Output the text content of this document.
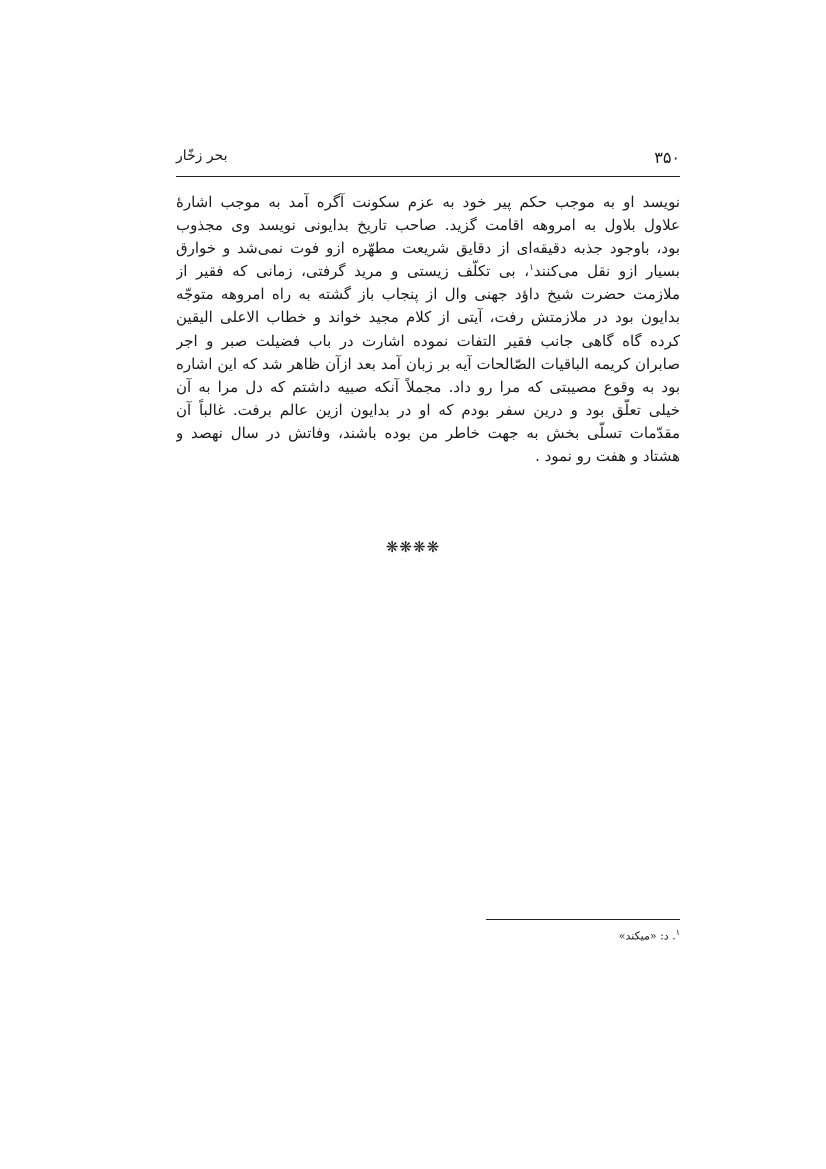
۳۵۰
بحر زخّار
نویسد او به موجب حکم پیر خود به عزم سکونت آگره آمد به موجب اشارهٔ
علاول بلاول به امروهه اقامت گزید. صاحب تاریخ بدایونی نویسد وی مجذوب
بود، باوجود جذبه دقیقه‌ای از دقایق شریعت مطهّره ازو فوت نمی‌شد و خوارق
بسیار ازو نقل می‌کنند$^۱$، بی تکلّف زیستی و مرید گرفتی، زمانی که فقیر از
ملازمت حضرت شیخ داؤد جهنی وال از پنجاب باز گشته به راه امروهه متوجّه
بدایون بود در ملازمتش رفت، آیتی از کلام مجید خواند و خطاب الاعلی الیقین
کرده گاه گاهی جانب فقیر التفات نموده اشارت در باب فضیلت صبر و اجر
صابران کریمه الباقیات الصّالحات آیه بر زبان آمد بعد ازآن ظاهر شد که این اشاره
بود به وقوع مصیبتی که مرا رو داد. مجملاً آنکه صبیه داشتم که دل مرا به آن
خیلی تعلّق بود و درین سفر بودم که او در بدایون ازین عالم برفت. غالباً آن
مقدّمات تسلّی بخش به جهت خاطر من بوده باشند، وفاتش در سال نهصد و
هشتاد و هفت رو نمود .
❋❋❋❋
$^۱$. د: «میکند»
